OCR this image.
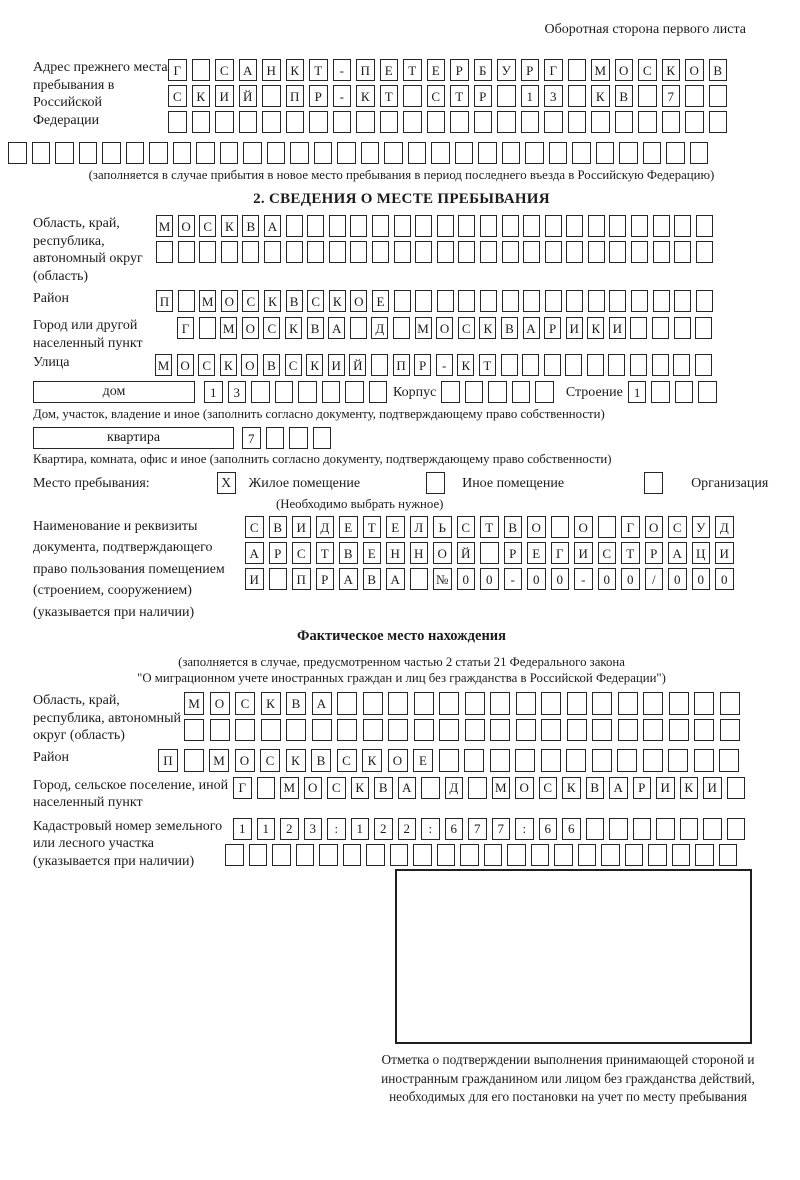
Оборотная сторона первого листа
Адрес прежнего места пребывания в Российской Федерации
Г	С	А	Н	К	Т	-	П	Е	Т	Е	Р	Б	У	Р	Г	М	О	С	К	О	В
С	К	И	Й	П	Р	-	К	Т	С	Т	Р	1	3	К	В	7
(заполняется в случае прибытия в новое место пребывания в период последнего въезда в Российскую Федерацию)
2. СВЕДЕНИЯ О МЕСТЕ ПРЕБЫВАНИЯ
Область, край, республика, автономный округ (область)
М О С К В А
Район	П	М О С К В С К О Е
Город или другой населенный пункт
Г	М О С К В А	Д	М О С К В А	Р	И К И
Улица	М О С К О В С К И Й	П	Р	-	К	Т
дом	1	3	Корпус	Строение 1
Дом, участок, владение и иное (заполнить согласно документу, подтверждающему право собственности)
квартира	7
Квартира, комната, офис и иное (заполнить согласно документу, подтверждающему право собственности)
Место пребывания:	X	Жилое помещение	Иное помещение	Организация
(Необходимо выбрать нужное)
Наименование и реквизиты документа, подтверждающего право пользования помещением (строением, сооружением) (указывается при наличии)
С	В	И	Д	Е	Т	Е	Л	Ь	С	Т	В	О	О	Г	О	С	У	Д
А	Р	С	Т	В	Е	Н	Н	О	Й	Р	Е	Г	И	С	Т	Р	А	Ц	И
И	П	Р	А	В	А	№	0	0	-	0	0	-	0	0	/	0	0	0
Фактическое место нахождения
(заполняется в случае, предусмотренном частью 2 статьи 21 Федерального закона
"О миграционном учете иностранных граждан и лиц без гражданства в Российской Федерации")
Область, край, республика, автономный округ (область)
М	О	С	К	В	А
Район	П	М	О	С	К	В	С	К	О	Е
Город, сельское поселение, иной населенный пункт
Г	М	О	С	К	В	А	Д	М	О	С	К	В	А	Р	И	К	И
Кадастровый номер земельного или лесного участка (указывается при наличии)
1	1	2	3	:	1	2	2	:	6	7	7	:	6	6
Отметка о подтверждении выполнения принимающей стороной и иностранным гражданином или лицом без гражданства действий, необходимых для его постановки на учет по месту пребывания
